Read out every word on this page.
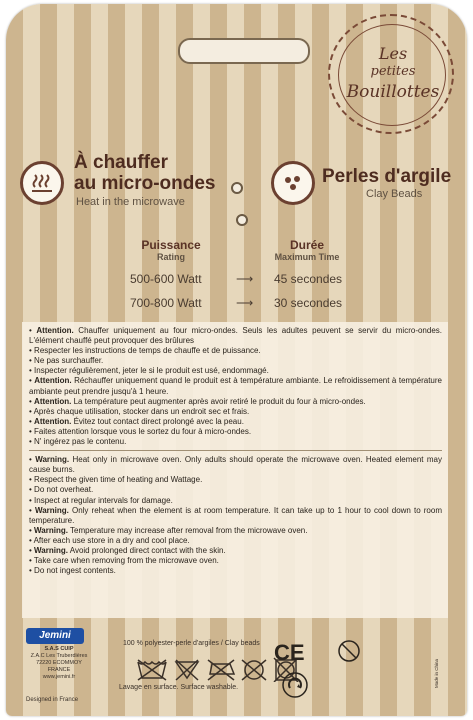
Les
petites
Bouillottes
À chauffer
au micro-ondes
Heat in the microwave
Perles d'argile
Clay Beads
Puissance
Rating
Durée
Maximum Time
500-600 Watt	⟶ 45 secondes
700-800 Watt	⟶ 30 secondes

• Attention. Chauffer uniquement au four micro-ondes. Seuls les adultes peuvent se servir du micro-ondes. L'élément chauffé peut provoquer des brûlures

• Respecter les instructions de temps de chauffe et de puissance.

• Ne pas surchauffer.

• Inspecter régulièrement, jeter le si le produit est usé, endommagé.

• Attention. Réchauffer uniquement quand le produit est à température ambiante. Le refroidissement à température ambiante peut prendre jusqu'à 1 heure.

• Attention. La température peut augmenter après avoir retiré le produit du four à micro-ondes.

• Après chaque utilisation, stocker dans un endroit sec et frais.

• Attention. Évitez tout contact direct prolongé avec la peau.

• Faites attention lorsque vous le sortez du four à micro-ondes.

• N' ingérez pas le contenu.

• Warning. Heat only in microwave oven. Only adults should operate the microwave oven. Heated element may cause burns.

• Respect the given time of heating and Wattage.

• Do not overheat.

• Inspect at regular intervals for damage.

• Warning. Only reheat when the element is at room temperature. It can take up to 1 hour to cool down to room temperature.

• Warning. Temperature may increase after removal from the microwave oven.

• After each use store in a dry and cool place.

• Warning. Avoid prolonged direct contact with the skin.

• Take care when removing from the microwave oven.

• Do not ingest contents.

Jemini
S.A.S CUIP
Z.A.C Les Truberdières
72220 ECOMMOY
FRANCE
www.jemini.fr
Designed in France
100 % polyester-perle d'argiles / Clay beads
Lavage en surface. Surface washable.
CE
Made in China
